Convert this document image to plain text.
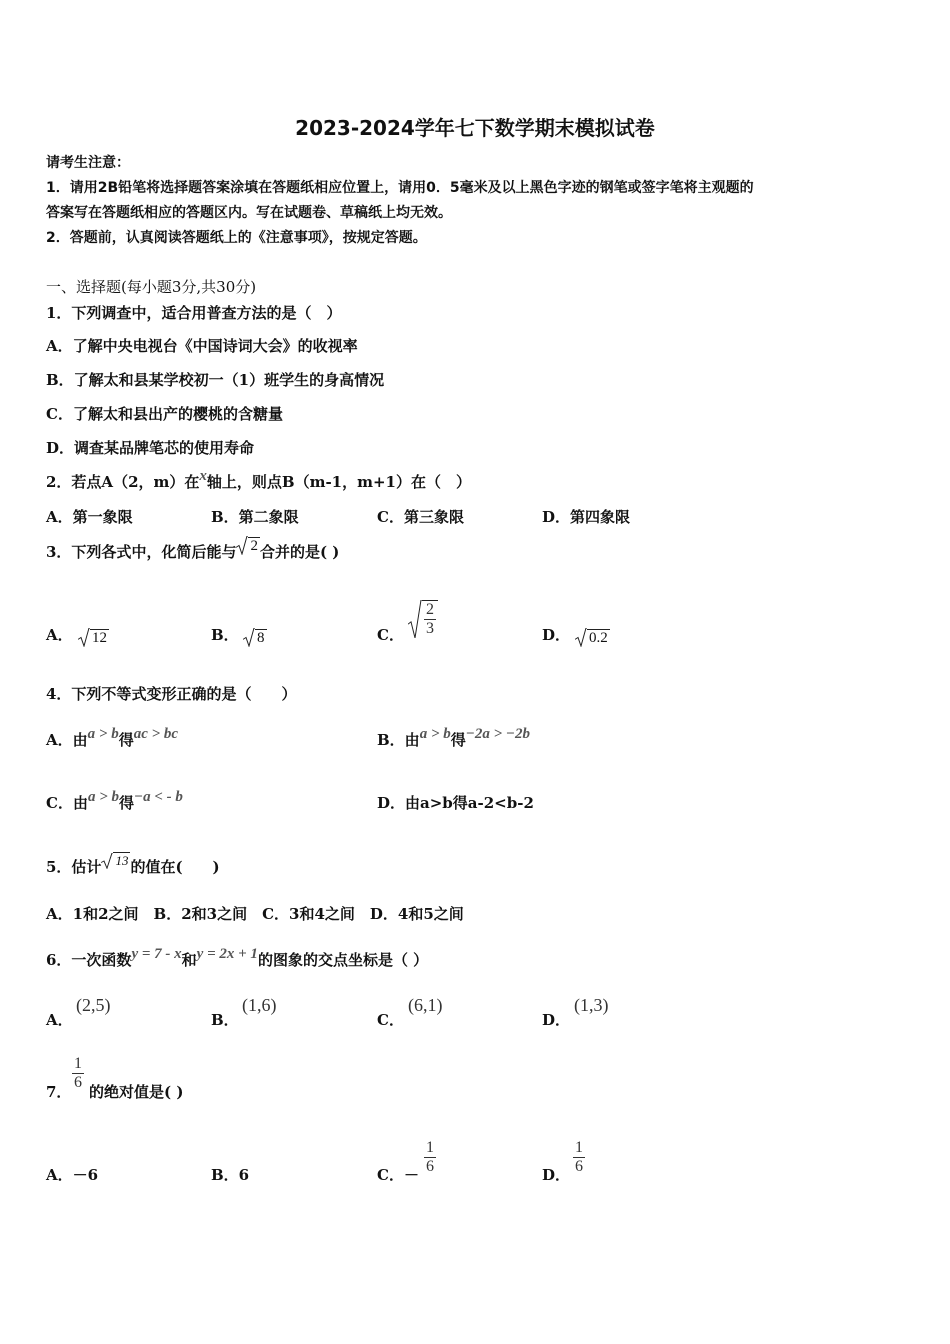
2023-2024学年七下数学期末模拟试卷
请考生注意：
1．请用2B铅笔将选择题答案涂填在答题纸相应位置上，请用0．5毫米及以上黑色字迹的钢笔或签字笔将主观题的
答案写在答题纸相应的答题区内。写在试题卷、草稿纸上均无效。
2．答题前，认真阅读答题纸上的《注意事项》，按规定答题。
一、选择题(每小题3分,共30分)
1．下列调查中，适合用普查方法的是（　）
A．了解中央电视台《中国诗词大会》的收视率
B．了解太和县某学校初一（1）班学生的身高情况
C．了解太和县出产的樱桃的含糖量
D．调查某品牌笔芯的使用寿命
2．若点A（2，m）在x轴上，则点B（m-1，m+1）在（　）
A．第一象限	B．第二象限	C．第三象限	D．第四象限
3．下列各式中，化简后能与 2 合并的是( )
A．	12	B．	8	C． $\frac{2}{3}$	D．	0.2
4．下列不等式变形正确的是（　　）
A．由a > b得ac > bc	B．由a > b得−2a > −2b
C．由a > b得−a < - b	D．由a>b得a-2<b-2
5．估计 13 的值在(　　)
A．1和2之间　B．2和3之间　C．3和4之间　D．4和5之间
6．一次函数y = 7 - x和y = 2x + 1的图象的交点坐标是（ ）
A．
(2,5)
B．
(1,6)
C．
(6,1)
D．
(1,3)
7． $\frac{1}{6}$ 的绝对值是( )
A．－6	B．6	C．－ $\frac{1}{6}$	D． $\frac{1}{6}$
